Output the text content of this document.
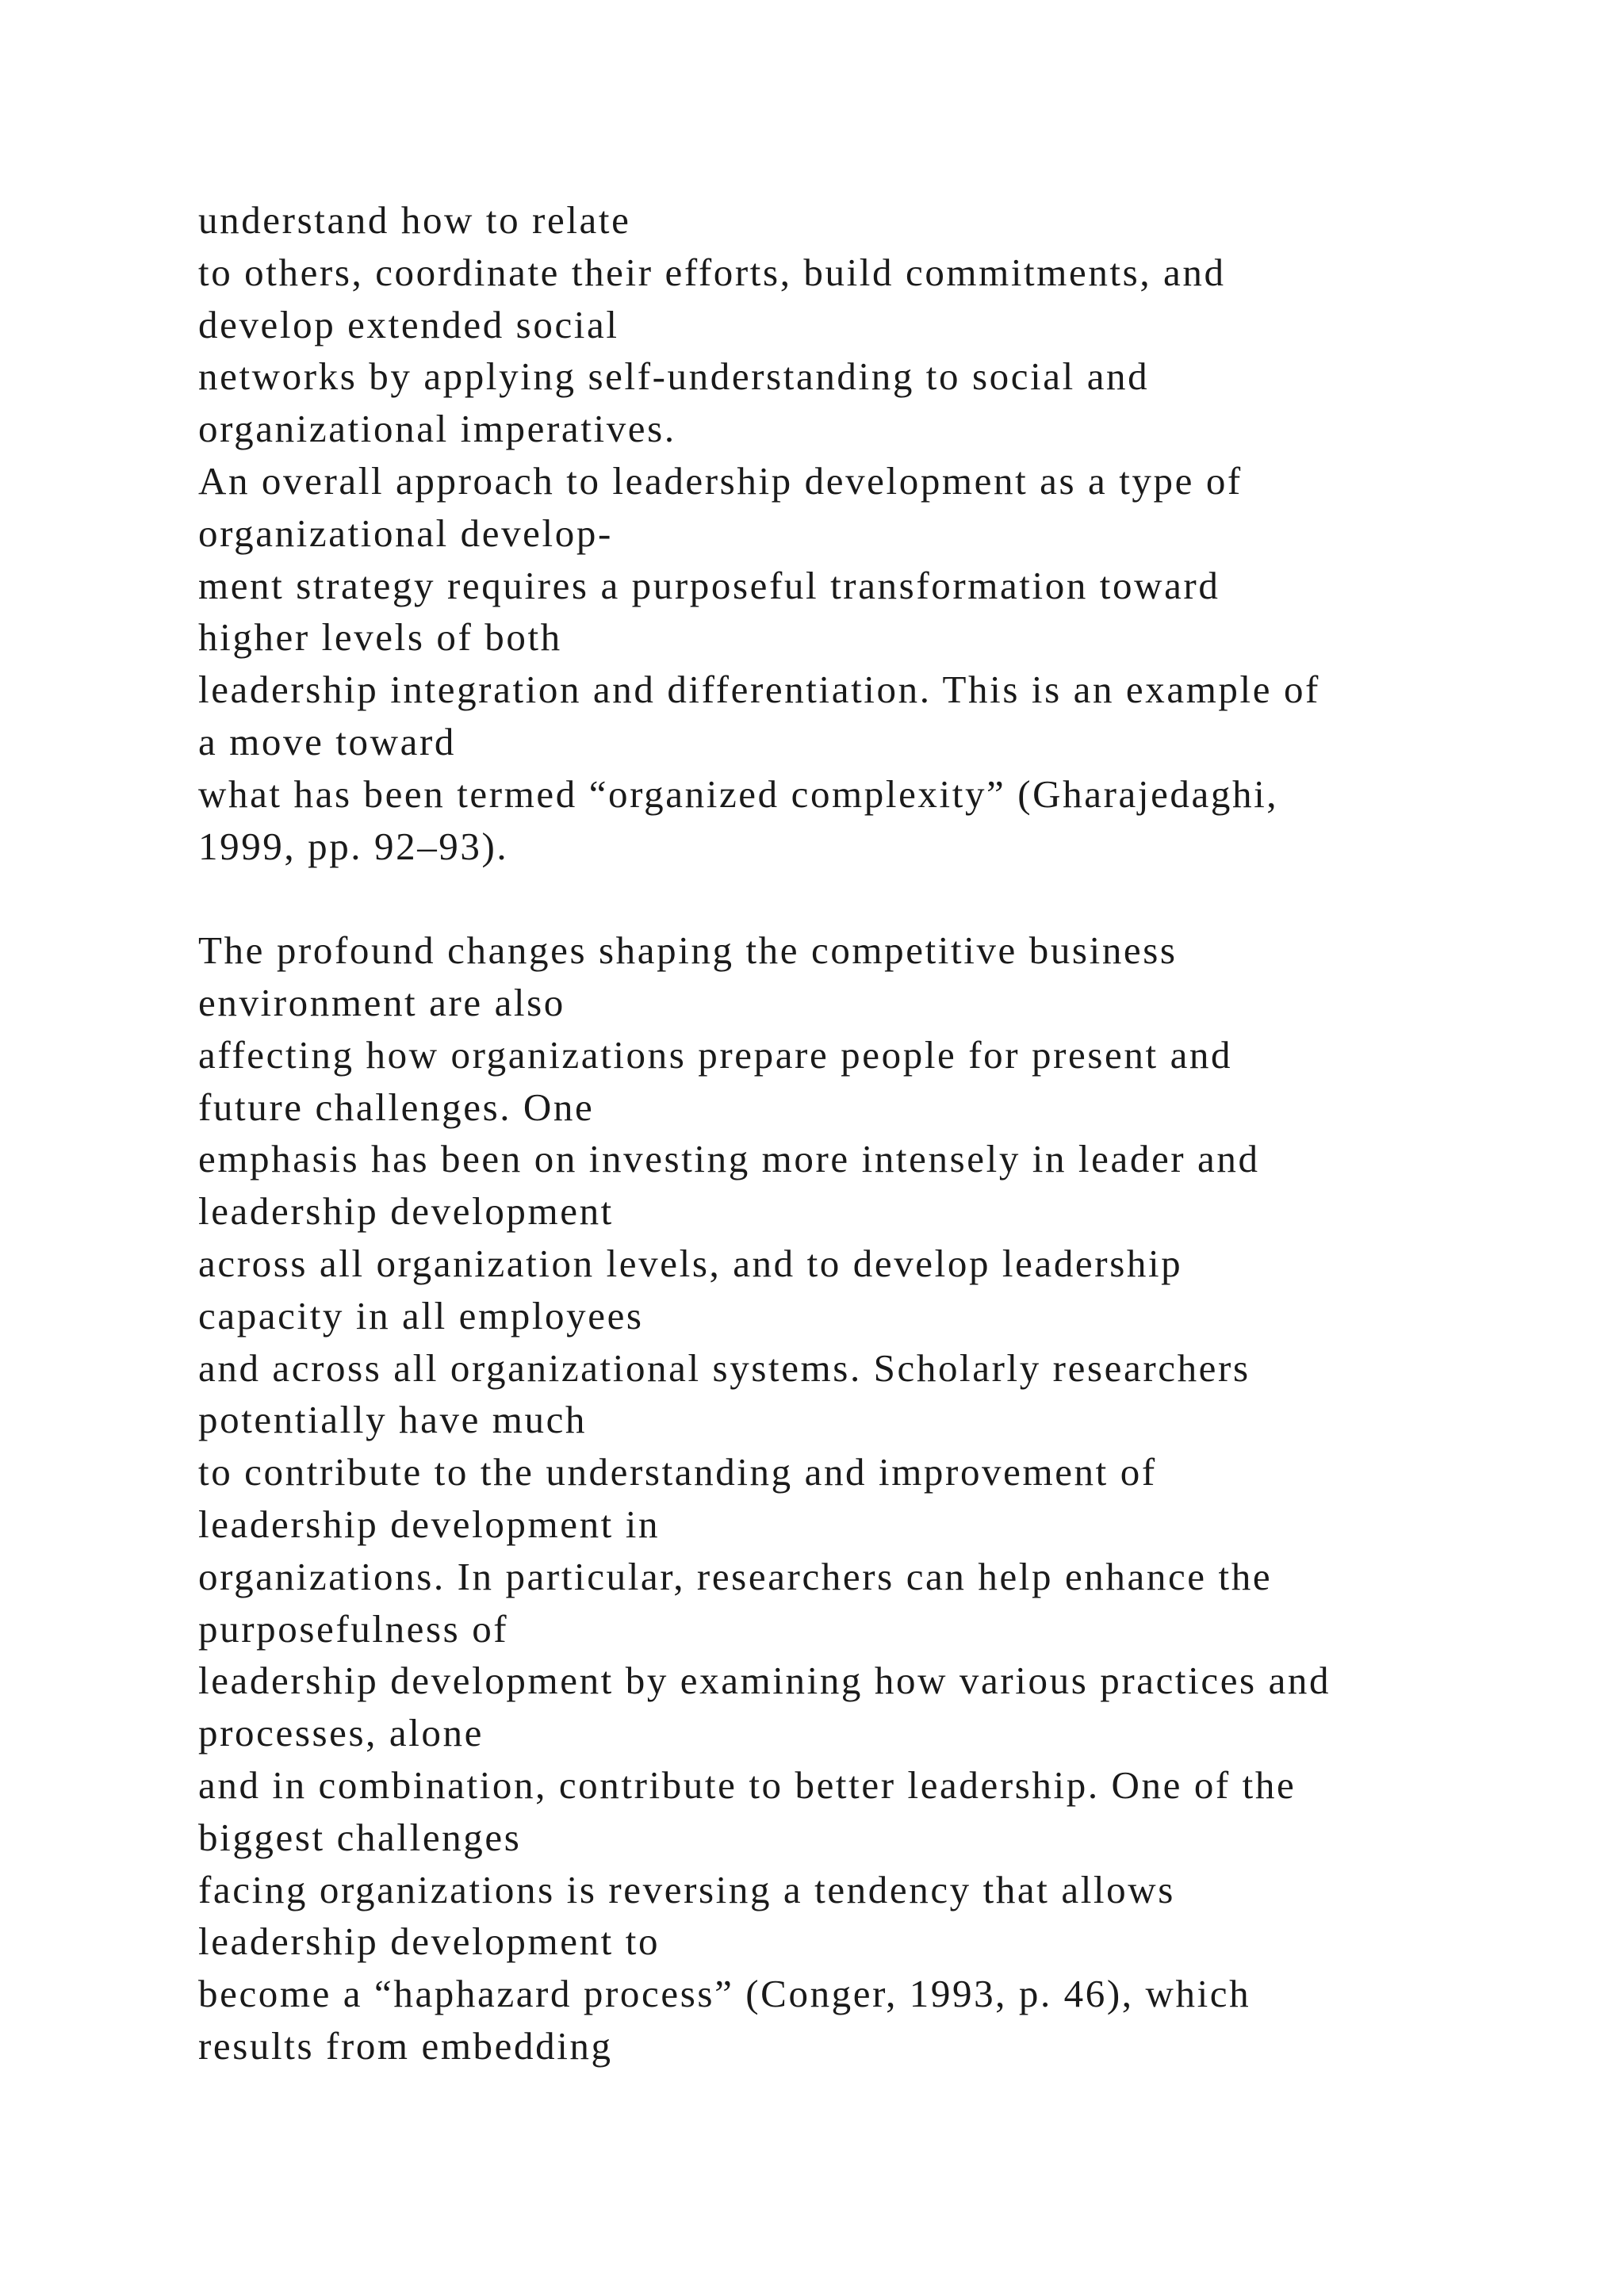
understand how to relate
to others, coordinate their efforts, build commitments, and
develop extended social
networks by applying self-understanding to social and
organizational imperatives.
An overall approach to leadership development as a type of
organizational develop-
ment strategy requires a purposeful transformation toward
higher levels of both
leadership integration and differentiation. This is an example of
a move toward
what has been termed “organized complexity” (Gharajedaghi,
1999, pp. 92–93).
The profound changes shaping the competitive business
environment are also
affecting how organizations prepare people for present and
future challenges. One
emphasis has been on investing more intensely in leader and
leadership development
across all organization levels, and to develop leadership
capacity in all employees
and across all organizational systems. Scholarly researchers
potentially have much
to contribute to the understanding and improvement of
leadership development in
organizations. In particular, researchers can help enhance the
purposefulness of
leadership development by examining how various practices and
processes, alone
and in combination, contribute to better leadership. One of the
biggest challenges
facing organizations is reversing a tendency that allows
leadership development to
become a “haphazard process” (Conger, 1993, p. 46), which
results from embedding
